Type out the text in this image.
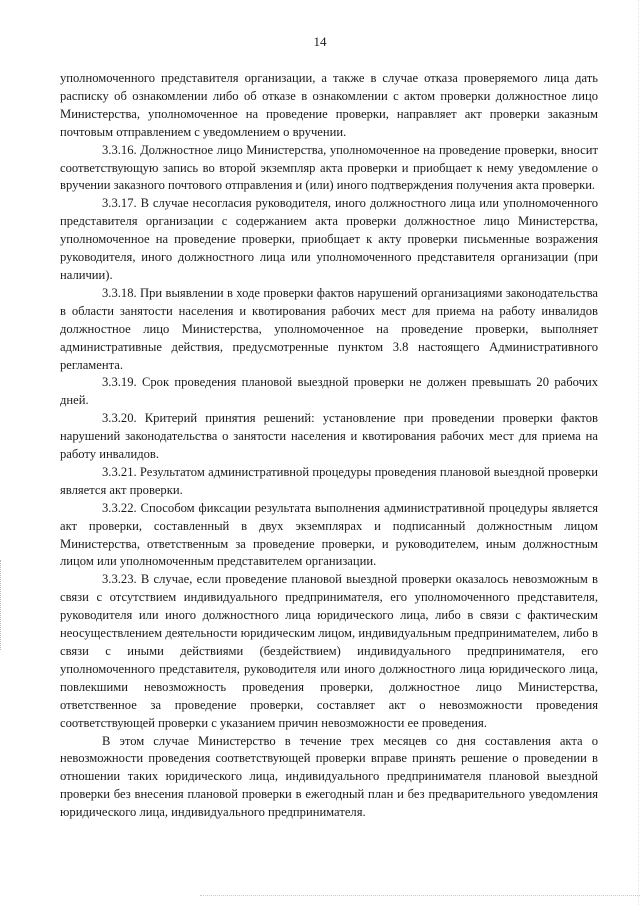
14

уполномоченного представителя организации, а также в случае отказа проверяемого лица дать расписку об ознакомлении либо об отказе в ознакомлении с актом проверки должностное лицо Министерства, уполномоченное на проведение проверки, направляет акт проверки заказным почтовым отправлением с уведомлением о вручении.

3.3.16. Должностное лицо Министерства, уполномоченное на проведение проверки, вносит соответствующую запись во второй экземпляр акта проверки и приобщает к нему уведомление о вручении заказного почтового отправления и (или) иного подтверждения получения акта проверки.

3.3.17. В случае несогласия руководителя, иного должностного лица или уполномоченного представителя организации с содержанием акта проверки должностное лицо Министерства, уполномоченное на проведение проверки, приобщает к акту проверки письменные возражения руководителя, иного должностного лица или уполномоченного представителя организации (при наличии).

3.3.18. При выявлении в ходе проверки фактов нарушений организациями законодательства в области занятости населения и квотирования рабочих мест для приема на работу инвалидов должностное лицо Министерства, уполномоченное на проведение проверки, выполняет административные действия, предусмотренные пунктом 3.8 настоящего Административного регламента.

3.3.19. Срок проведения плановой выездной проверки не должен превышать 20 рабочих дней.

3.3.20. Критерий принятия решений: установление при проведении проверки фактов нарушений законодательства о занятости населения и квотирования рабочих мест для приема на работу инвалидов.

3.3.21. Результатом административной процедуры проведения плановой выездной проверки является акт проверки.

3.3.22. Способом фиксации результата выполнения административной процедуры является акт проверки, составленный в двух экземплярах и подписанный должностным лицом Министерства, ответственным за проведение проверки, и руководителем, иным должностным лицом или уполномоченным представителем организации.

3.3.23. В случае, если проведение плановой выездной проверки оказалось невозможным в связи с отсутствием индивидуального предпринимателя, его уполномоченного представителя, руководителя или иного должностного лица юридического лица, либо в связи с фактическим неосуществлением деятельности юридическим лицом, индивидуальным предпринимателем, либо в связи с иными действиями (бездействием) индивидуального предпринимателя, его уполномоченного представителя, руководителя или иного должностного лица юридического лица, повлекшими невозможность проведения проверки, должностное лицо Министерства, ответственное за проведение проверки, составляет акт о невозможности проведения соответствующей проверки с указанием причин невозможности ее проведения.

В этом случае Министерство в течение трех месяцев со дня составления акта о невозможности проведения соответствующей проверки вправе принять решение о проведении в отношении таких юридического лица, индивидуального предпринимателя плановой выездной проверки без внесения плановой проверки в ежегодный план и без предварительного уведомления юридического лица, индивидуального предпринимателя.
